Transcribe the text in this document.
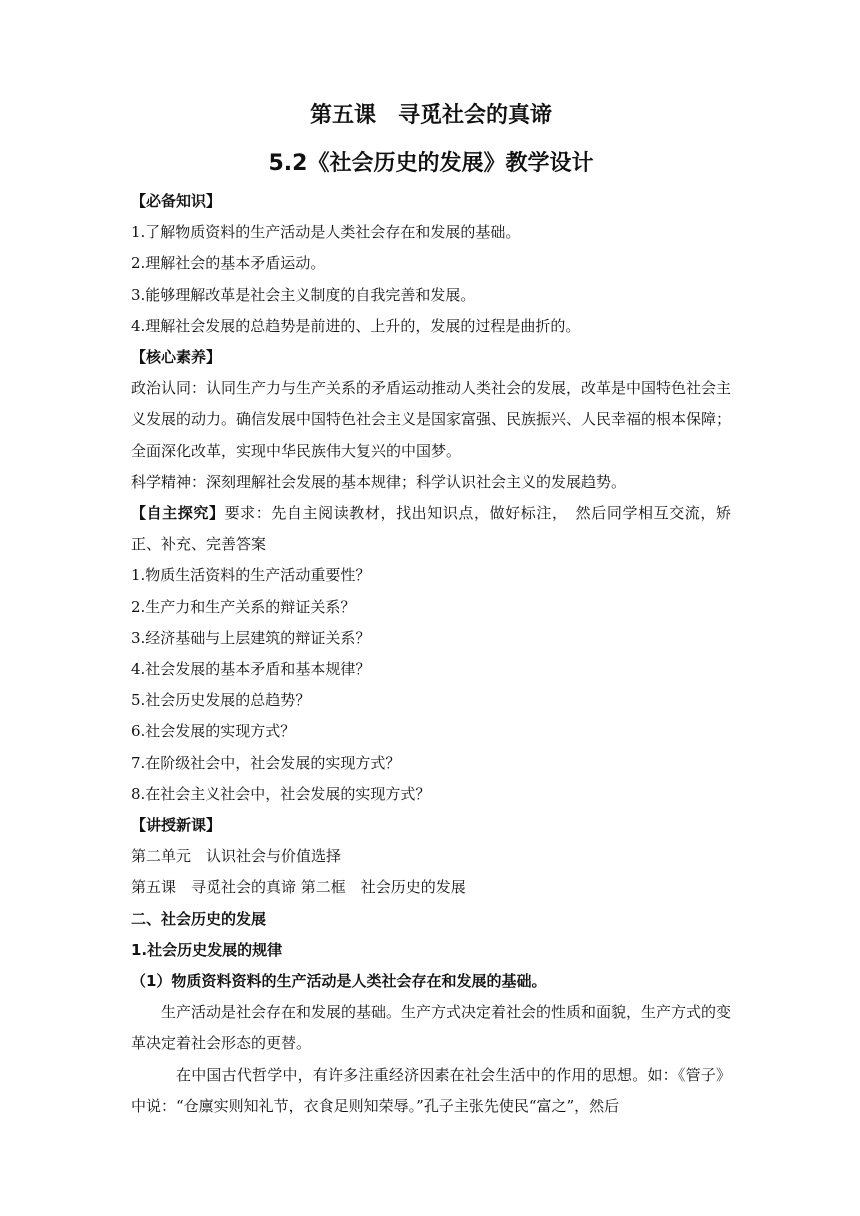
第五课　寻觅社会的真谛
5.2《社会历史的发展》教学设计
【必备知识】
1.了解物质资料的生产活动是人类社会存在和发展的基础。
2.理解社会的基本矛盾运动。
3.能够理解改革是社会主义制度的自我完善和发展。
4.理解社会发展的总趋势是前进的、上升的，发展的过程是曲折的。
【核心素养】
政治认同：认同生产力与生产关系的矛盾运动推动人类社会的发展，改革是中国特色社会主义发展的动力。确信发展中国特色社会主义是国家富强、民族振兴、人民幸福的根本保障；全面深化改革，实现中华民族伟大复兴的中国梦。
科学精神：深刻理解社会发展的基本规律；科学认识社会主义的发展趋势。
【自主探究】要求：先自主阅读教材，找出知识点，做好标注，　然后同学相互交流，矫正、补充、完善答案
1.物质生活资料的生产活动重要性？
2.生产力和生产关系的辩证关系？
3.经济基础与上层建筑的辩证关系？
4.社会发展的基本矛盾和基本规律？
5.社会历史发展的总趋势？
6.社会发展的实现方式？
7.在阶级社会中，社会发展的实现方式？
8.在社会主义社会中，社会发展的实现方式？
【讲授新课】
第二单元　认识社会与价值选择
第五课　寻觅社会的真谛 第二框　社会历史的发展
二、社会历史的发展
1.社会历史发展的规律
（1）物质资料资料的生产活动是人类社会存在和发展的基础。
生产活动是社会存在和发展的基础。生产方式决定着社会的性质和面貌，生产方式的变革决定着社会形态的更替。
在中国古代哲学中，有许多注重经济因素在社会生活中的作用的思想。如：《管子》中说：“仓廪实则知礼节，衣食足则知荣辱。”孔子主张先使民“富之”，然后
